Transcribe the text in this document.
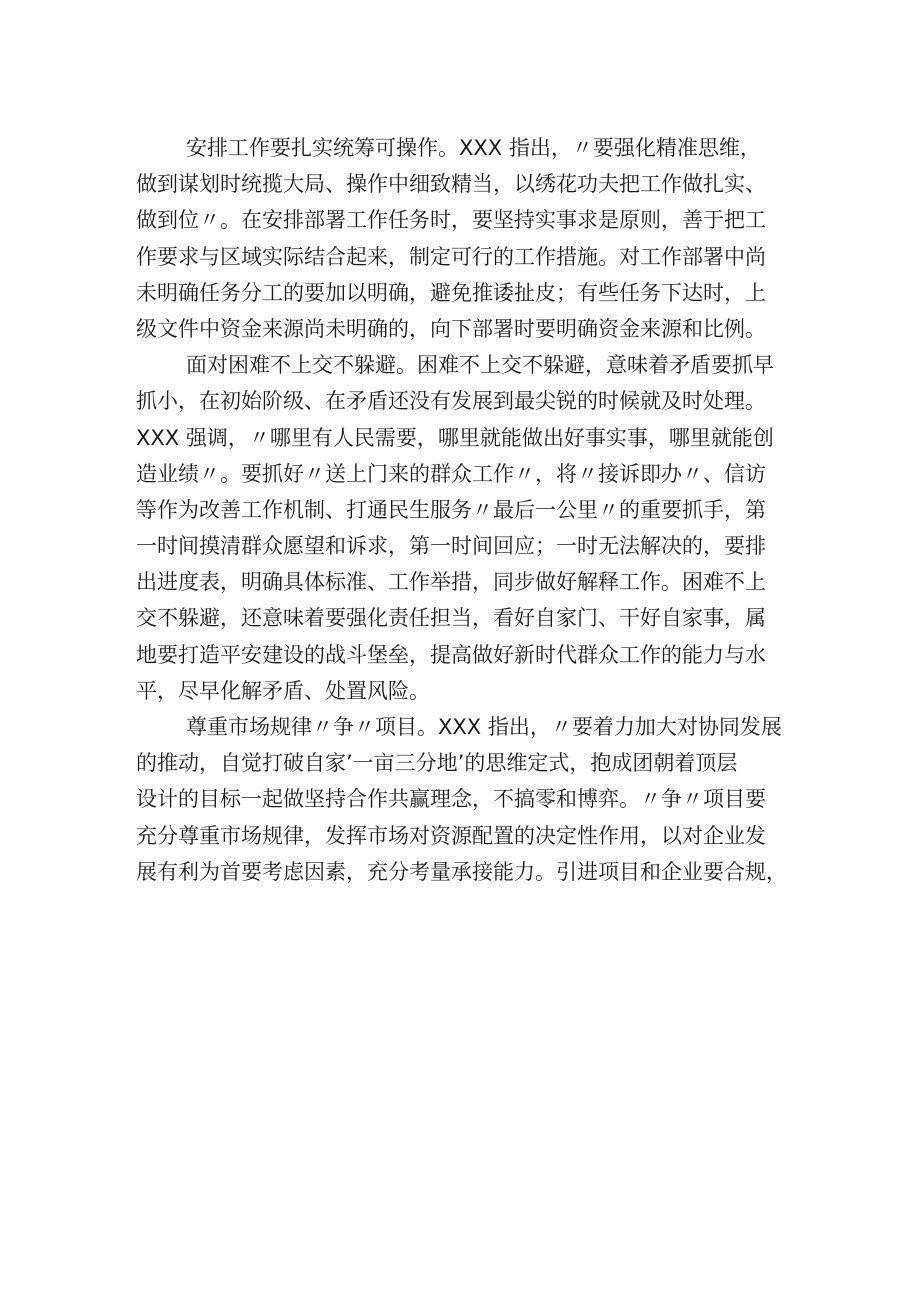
安排工作要扎实统筹可操作。XXX 指出，〃要强化精准思维，
做到谋划时统揽大局、操作中细致精当，以绣花功夫把工作做扎实、
做到位〃。在安排部署工作任务时，要坚持实事求是原则，善于把工
作要求与区域实际结合起来，制定可行的工作措施。对工作部署中尚
未明确任务分工的要加以明确，避免推诿扯皮；有些任务下达时，上
级文件中资金来源尚未明确的，向下部署时要明确资金来源和比例。
面对困难不上交不躲避。困难不上交不躲避，意味着矛盾要抓早
抓小，在初始阶级、在矛盾还没有发展到最尖锐的时候就及时处理。
XXX 强调，〃哪里有人民需要，哪里就能做出好事实事，哪里就能创
造业绩〃。要抓好〃送上门来的群众工作〃，将〃接诉即办〃、信访
等作为改善工作机制、打通民生服务〃最后一公里〃的重要抓手，第
一时间摸清群众愿望和诉求，第一时间回应；一时无法解决的，要排
出进度表，明确具体标准、工作举措，同步做好解释工作。困难不上
交不躲避，还意味着要强化责任担当，看好自家门、干好自家事，属
地要打造平安建设的战斗堡垒，提高做好新时代群众工作的能力与水
平，尽早化解矛盾、处置风险。
尊重市场规律〃争〃项目。XXX 指出，〃要着力加大对协同发展
的推动，自觉打破自家’一亩三分地’的思维定式，抱成团朝着顶层
设计的目标一起做坚持合作共赢理念，不搞零和博弈。〃争〃项目要
充分尊重市场规律，发挥市场对资源配置的决定性作用，以对企业发
展有利为首要考虑因素，充分考量承接能力。引进项目和企业要合规，
